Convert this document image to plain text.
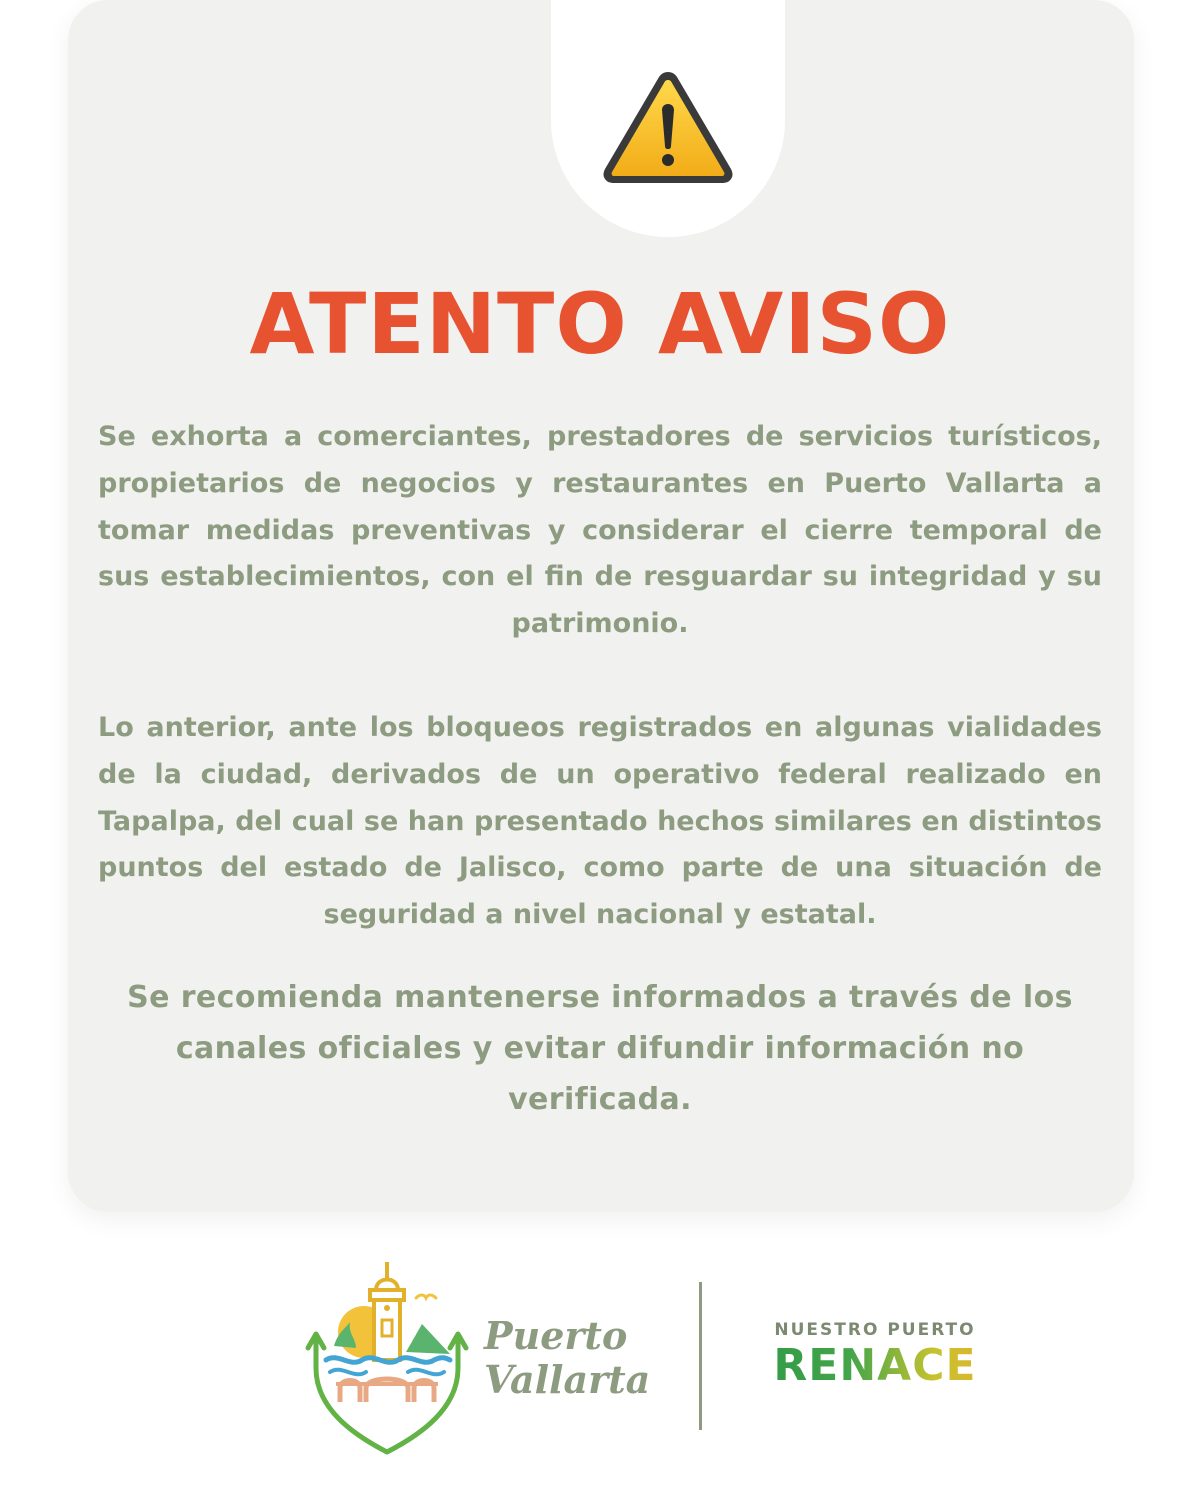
ATENTO AVISO

Se exhorta a comerciantes, prestadores de servicios turísticos, propietarios de negocios y restaurantes en Puerto Vallarta a tomar medidas preventivas y considerar el cierre temporal de sus establecimientos, con el fin de resguardar su integridad y su patrimonio.

Lo anterior, ante los bloqueos registrados en algunas vialidades de la ciudad, derivados de un operativo federal realizado en Tapalpa, del cual se han presentado hechos similares en distintos puntos del estado de Jalisco, como parte de una situación de seguridad a nivel nacional y estatal.

Se recomienda mantenerse informados a través de los canales oficiales y evitar difundir información no verificada.

Puerto
Vallarta
NUESTRO PUERTO
RENACE
